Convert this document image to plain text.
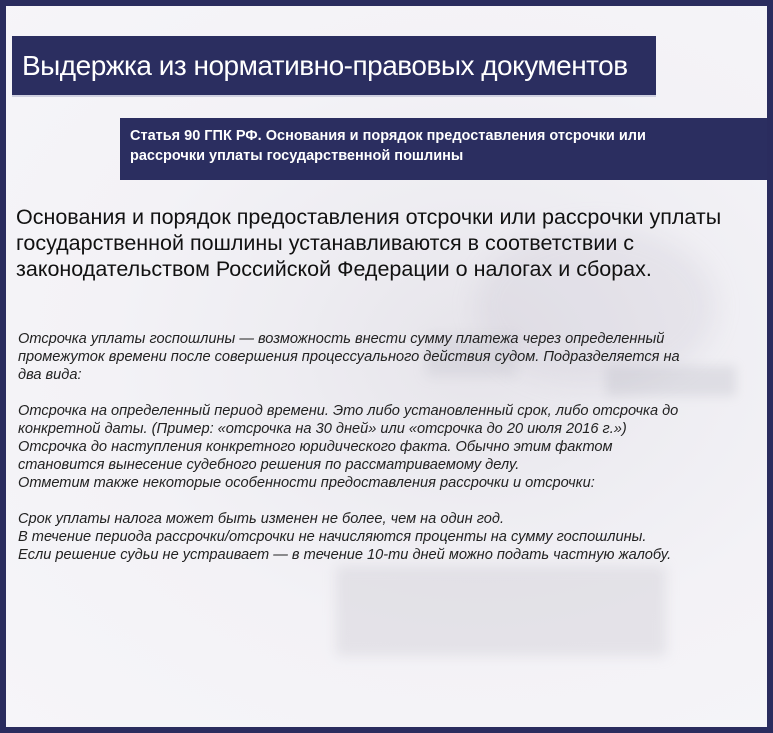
Выдержка из нормативно-правовых документов
Статья 90 ГПК РФ. Основания и порядок предоставления отсрочки или
рассрочки уплаты государственной пошлины
Основания и порядок предоставления отсрочки или рассрочки уплаты государственной пошлины устанавливаются в соответствии с законодательством Российской Федерации о налогах и сборах.

Отсрочка уплаты госпошлины — возможность внести сумму платежа через определенный

промежуток времени после совершения процессуального действия судом. Подразделяется на

два вида:

Отсрочка на определенный период времени. Это либо установленный срок, либо отсрочка до

конкретной даты. (Пример: «отсрочка на 30 дней» или «отсрочка до 20 июля 2016 г.»)

Отсрочка до наступления конкретного юридического факта. Обычно этим фактом

становится вынесение судебного решения по рассматриваемому делу.

Отметим также некоторые особенности предоставления рассрочки и отсрочки:

Срок уплаты налога может быть изменен не более, чем на один год.

В течение периода рассрочки/отсрочки не начисляются проценты на сумму госпошлины.

Если решение судьи не устраивает — в течение 10-ти дней можно подать частную жалобу.
